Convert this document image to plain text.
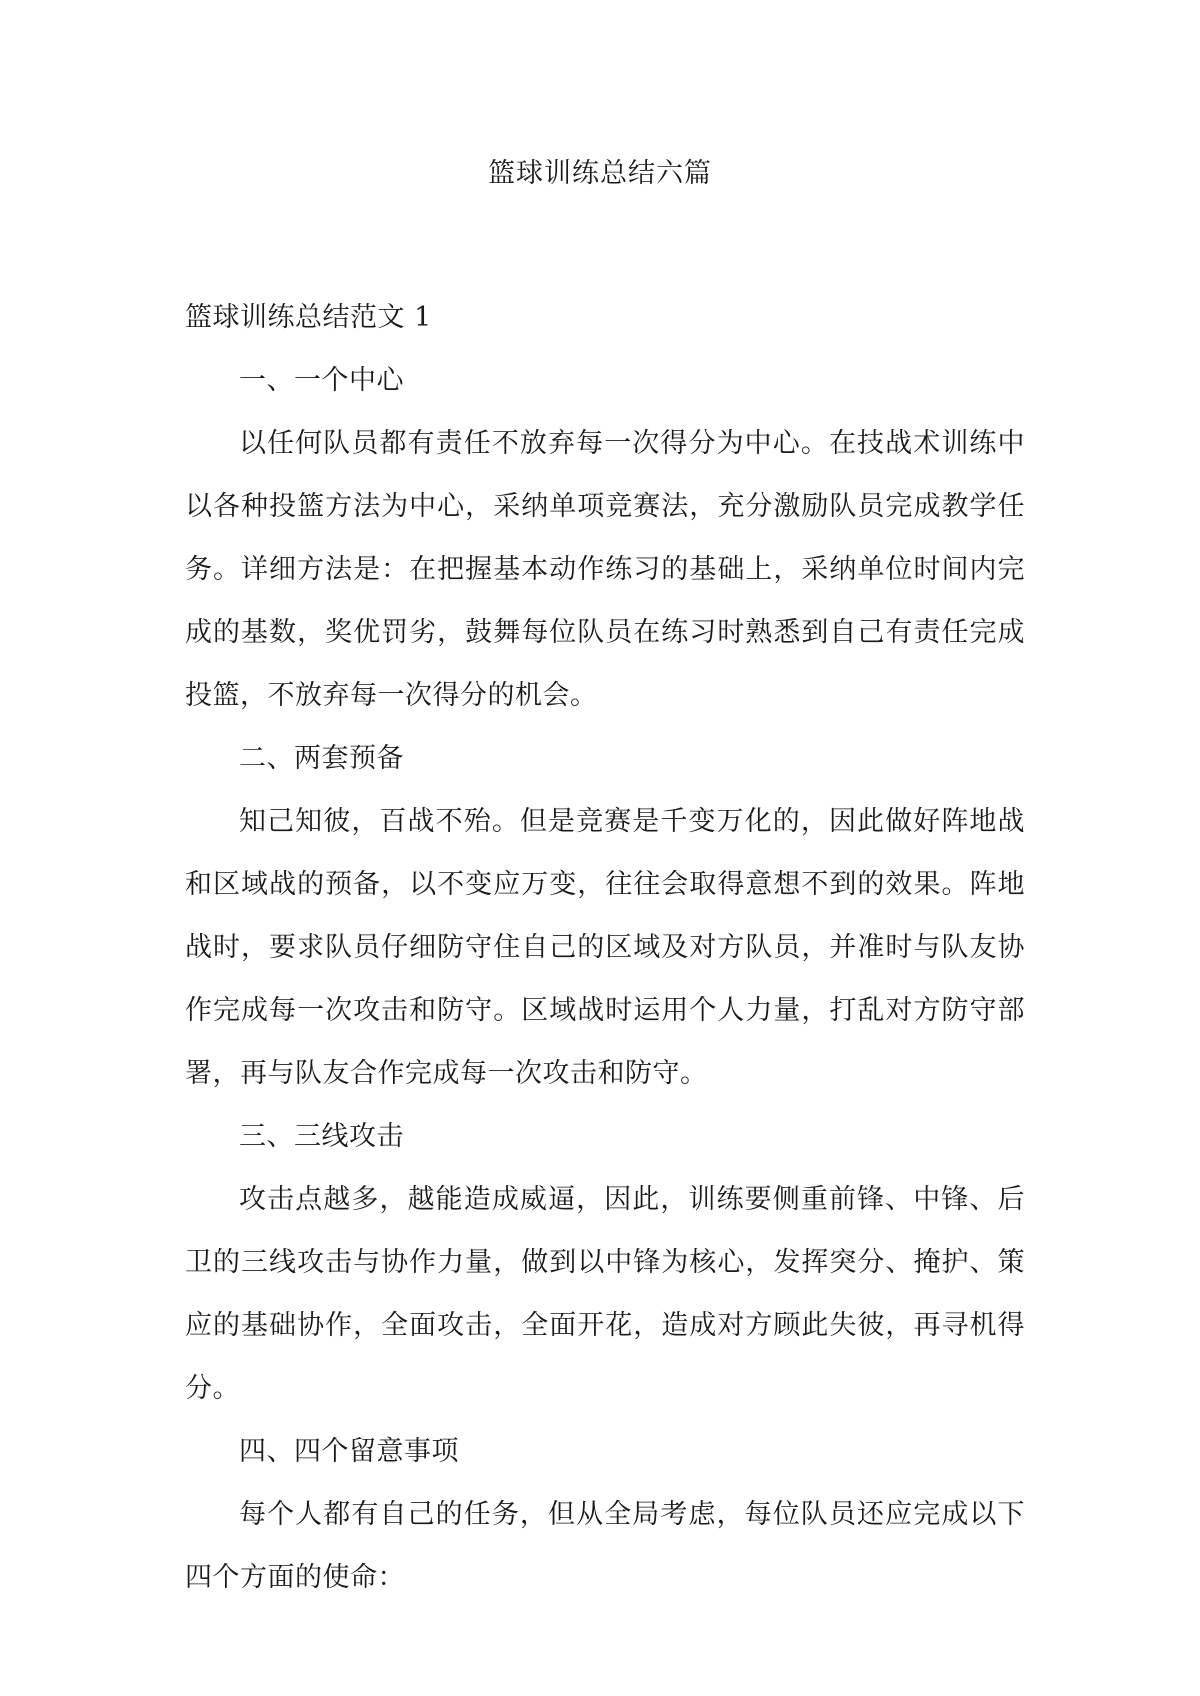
篮球训练总结六篇

篮球训练总结范文 1

一、一个中心

以任何队员都有责任不放弃每一次得分为中心。在技战术训练中以各种投篮方法为中心，采纳单项竞赛法，充分激励队员完成教学任务。详细方法是：在把握基本动作练习的基础上，采纳单位时间内完成的基数，奖优罚劣，鼓舞每位队员在练习时熟悉到自己有责任完成投篮，不放弃每一次得分的机会。

二、两套预备

知己知彼，百战不殆。但是竞赛是千变万化的，因此做好阵地战和区域战的预备，以不变应万变，往往会取得意想不到的效果。阵地战时，要求队员仔细防守住自己的区域及对方队员，并准时与队友协作完成每一次攻击和防守。区域战时运用个人力量，打乱对方防守部署，再与队友合作完成每一次攻击和防守。

三、三线攻击

攻击点越多，越能造成威逼，因此，训练要侧重前锋、中锋、后卫的三线攻击与协作力量，做到以中锋为核心，发挥突分、掩护、策应的基础协作，全面攻击，全面开花，造成对方顾此失彼，再寻机得分。

四、四个留意事项

每个人都有自己的任务，但从全局考虑，每位队员还应完成以下四个方面的使命：
